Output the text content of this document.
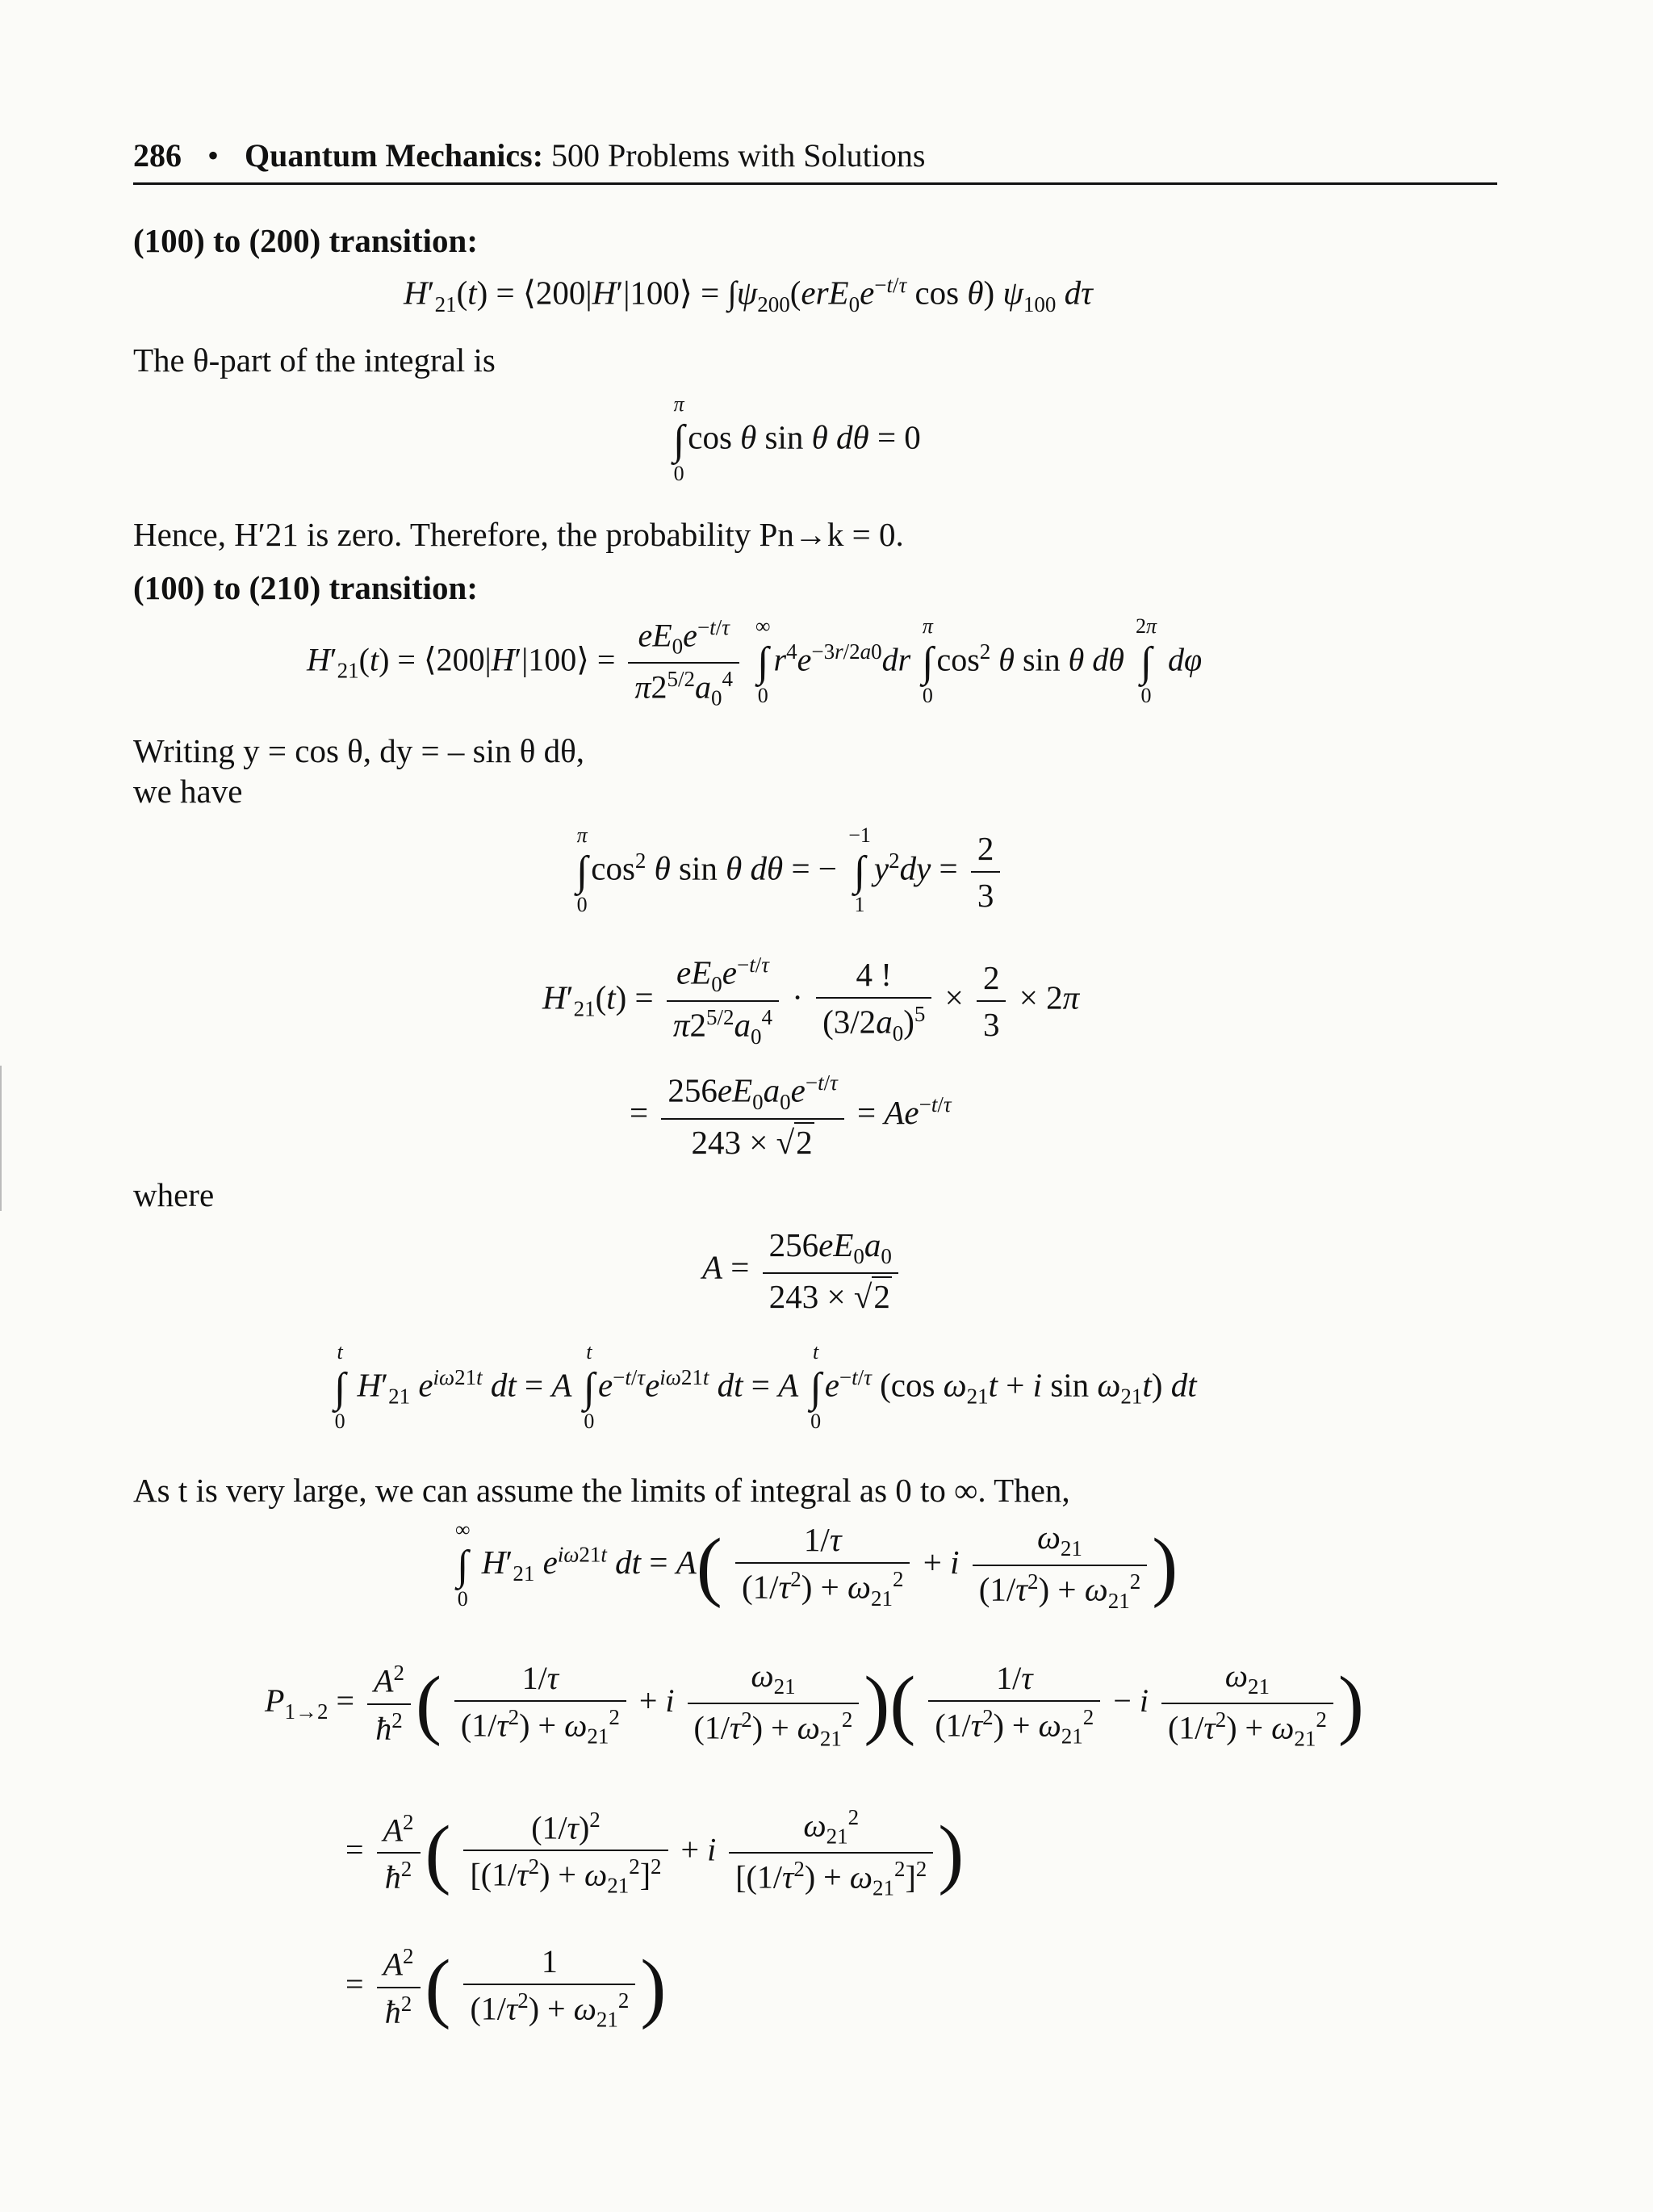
286 • Quantum Mechanics: 500 Problems with Solutions
(100) to (200) transition:
$H'_{21}(t)$ = ⟨200|H′|100⟩ = $\int\psi_{200}(erE_0e^{-t/\tau}$ cos θ) $\psi_{100}$ dτ
The θ-part of the integral is
π
∫
0
cos θ sin θ dθ = 0
Hence, H′21 is zero. Therefore, the probability Pn→k = 0.
(100) to (210) transition:
$H'_{21}(t)$ = ⟨200|H′|100⟩ = $\frac{eE_0e^{-t/\tau}}{\pi 2^{5/2}a_0^4}$
∞
∫
0
$r^4e^{-3r/2a0}dr$
π
∫
0
$\cos^2 \theta$ sin θ dθ
2π
∫
0
dφ
Writing y = cos θ, dy = – sin θ dθ,
we have
π
∫
0
$\cos^2 \theta$ sin θ dθ = −
−1
∫
1
$y^2dy = \frac{2}{3}$
$H'_{21}(t) = \frac{eE_0e^{-t/\tau}}{\pi 2^{5/2}a_0^4} \cdot \frac{4 !}{(3/2a_0)^5} \times \frac{2}{3} \times 2\pi$
= $\frac{256eE_0a_0e^{-t/\tau}}{243 \times √2} = Ae^{-t/\tau}$
where
$A = \frac{256eE_0a_0}{243 \times √2}$
t
∫
0
$H'_{21}$ $e^{i\omega 21t}$ dt = A
t
∫
0
$e^{-t/\tau}e^{i\omega 21t}$ dt = A
t
∫
0
$e^{-t/\tau}$ (cos $\omega_{21}t + i$ $\sin \omega_{21}t$) dt
As t is very large, we can assume the limits of integral as 0 to ∞. Then,
∞
∫
0
$H'_{21}$ $e^{i\omega 21t}$ dt = $A( \frac{1/\tau}{(1/\tau^2) + \omega_{21}^2} + i \frac{\omega_{21}}{(1/\tau^2) + \omega_{21}^2}$ )
$P_{1\to 2} = \frac{A^2}{ħ^2}$ ( $\frac{1/\tau}{(1/\tau^2) + \omega_{21}^2} + i \frac{\omega_{21}}{(1/\tau^2) + \omega_{21}^2}$ )( $\frac{1/\tau}{(1/\tau^2) + \omega_{21}^2} - i \frac{\omega_{21}}{(1/\tau^2) + \omega_{21}^2}$ )
= $\frac{A^2}{ħ^2}$ ( $\frac{(1/\tau)^2}{[(1/\tau^2) + \omega_{21}^2]^2} + i \frac{\omega_{21}^2}{[(1/\tau^2) + \omega_{21}^2]^2}$ )
= $\frac{A^2}{ħ^2}$ ( $\frac{1}{(1/\tau^2) + \omega_{21}^2}$ )
